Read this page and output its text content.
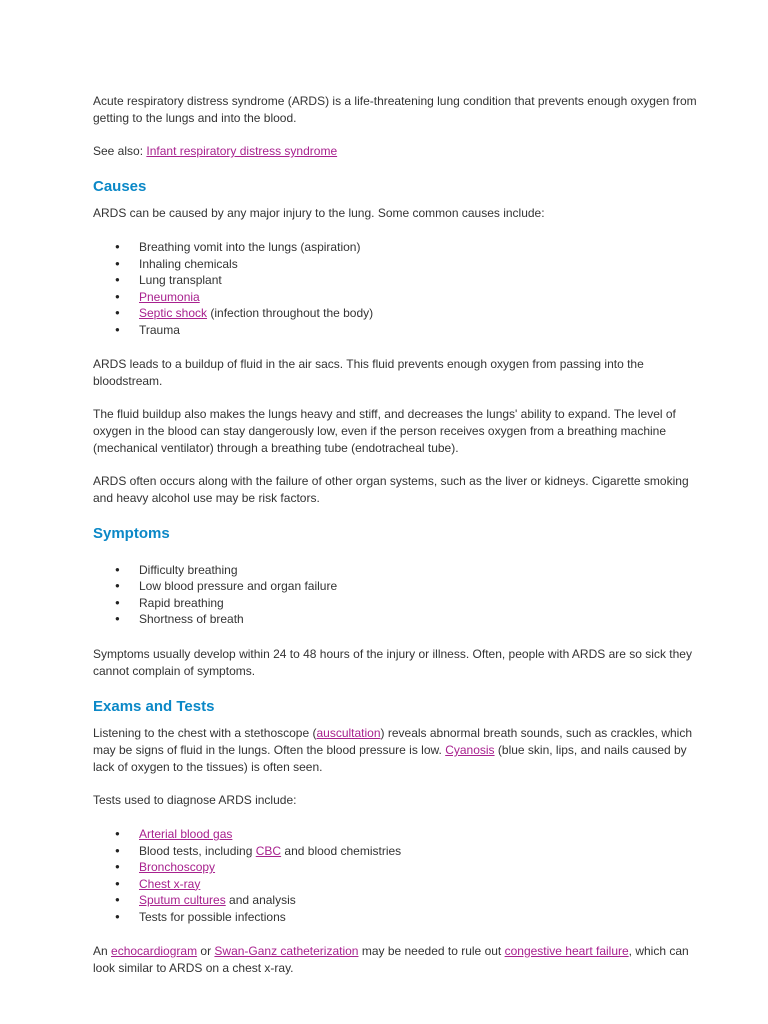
Acute respiratory distress syndrome (ARDS) is a life-threatening lung condition that prevents enough oxygen from getting to the lungs and into the blood.

See also: Infant respiratory distress syndrome

Causes

ARDS can be caused by any major injury to the lung. Some common causes include:

● Breathing vomit into the lungs (aspiration)
● Inhaling chemicals
● Lung transplant
● Pneumonia
● Septic shock (infection throughout the body)
● Trauma

ARDS leads to a buildup of fluid in the air sacs. This fluid prevents enough oxygen from passing into the bloodstream.

The fluid buildup also makes the lungs heavy and stiff, and decreases the lungs' ability to expand. The level of oxygen in the blood can stay dangerously low, even if the person receives oxygen from a breathing machine (mechanical ventilator) through a breathing tube (endotracheal tube).

ARDS often occurs along with the failure of other organ systems, such as the liver or kidneys. Cigarette smoking and heavy alcohol use may be risk factors.

Symptoms
● Difficulty breathing
● Low blood pressure and organ failure
● Rapid breathing
● Shortness of breath

Symptoms usually develop within 24 to 48 hours of the injury or illness. Often, people with ARDS are so sick they cannot complain of symptoms.

Exams and Tests

Listening to the chest with a stethoscope (auscultation) reveals abnormal breath sounds, such as crackles, which may be signs of fluid in the lungs. Often the blood pressure is low. Cyanosis (blue skin, lips, and nails caused by lack of oxygen to the tissues) is often seen.

Tests used to diagnose ARDS include:

● Arterial blood gas
● Blood tests, including CBC and blood chemistries
● Bronchoscopy
● Chest x-ray
● Sputum cultures and analysis
● Tests for possible infections

An echocardiogram or Swan-Ganz catheterization may be needed to rule out congestive heart failure, which can look similar to ARDS on a chest x-ray.
